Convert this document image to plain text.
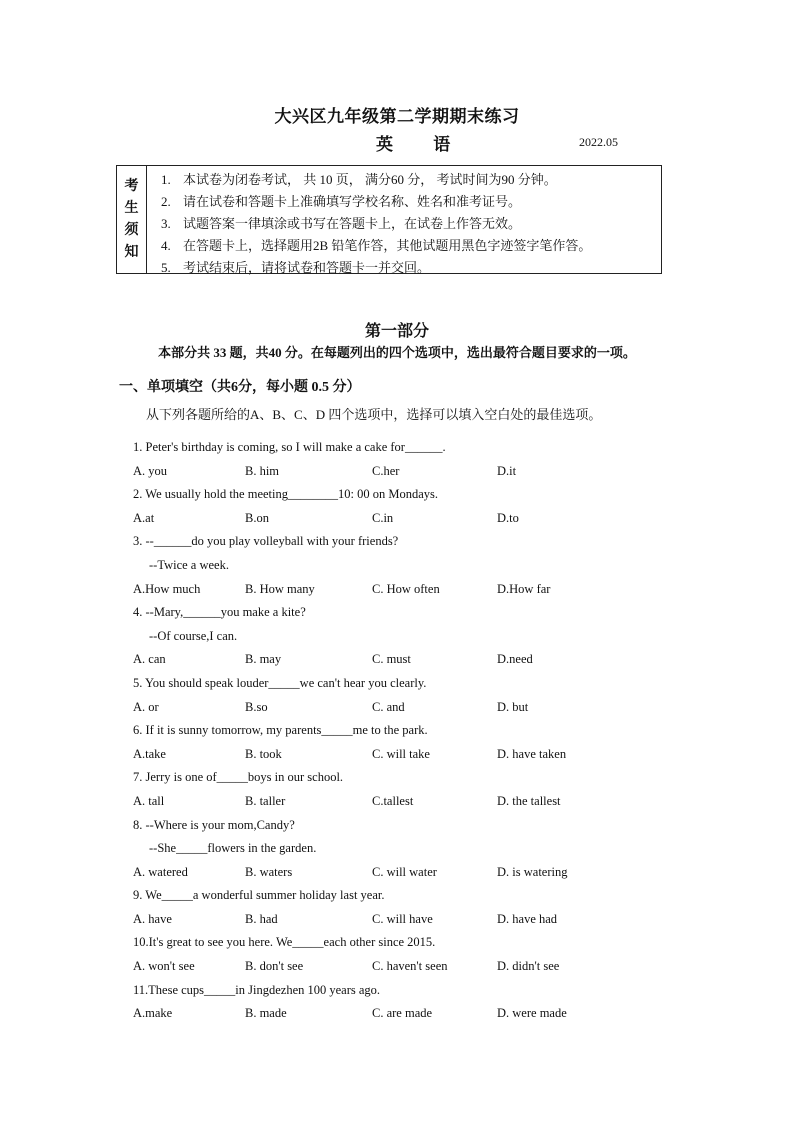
大兴区九年级第二学期期末练习
英 语	2022.05
考
生
须
知
1. 本试卷为闭卷考试， 共 10 页， 满分60 分， 考试时间为90 分钟。
2. 请在试卷和答题卡上准确填写学校名称、姓名和准考证号。
3. 试题答案一律填涂或书写在答题卡上，在试卷上作答无效。
4. 在答题卡上，选择题用2B 铅笔作答，其他试题用黑色字迹签字笔作答。
5. 考试结束后，请将试卷和答题卡一并交回。
第一部分
本部分共 33 题，共40 分。在每题列出的四个选项中，选出最符合题目要求的一项。
一、单项填空（共6分，每小题 0.5 分）
从下列各题所给的A、B、C、D 四个选项中，选择可以填入空白处的最佳选项。
1. Peter's birthday is coming, so I will make a cake for______.
A. you	B. him	C.her	D.it
2. We usually hold the meeting________10: 00 on Mondays.
A.at	B.on	C.in	D.to
3. --______do you play volleyball with your friends?
--Twice a week.
A.How much	B. How many	C. How often	D.How far
4. --Mary,______you make a kite?
--Of course,I can.
A. can	B. may	C. must	D.need
5. You should speak louder_____we can't hear you clearly.
A. or	B.so	C. and	D. but
6. If it is sunny tomorrow, my parents_____me to the park.
A.take	B. took	C. will take	D. have taken
7. Jerry is one of_____boys in our school.
A. tall	B. taller	C.tallest	D. the tallest
8. --Where is your mom,Candy?
--She_____flowers in the garden.
A. watered	B. waters	C. will water	D. is watering
9. We_____a wonderful summer holiday last year.
A. have	B. had	C. will have	D. have had
10.It's great to see you here. We_____each other since 2015.
A. won't see	B. don't see	C. haven't seen	D. didn't see
11.These cups_____in Jingdezhen 100 years ago.
A.make	B. made	C. are made	D. were made
